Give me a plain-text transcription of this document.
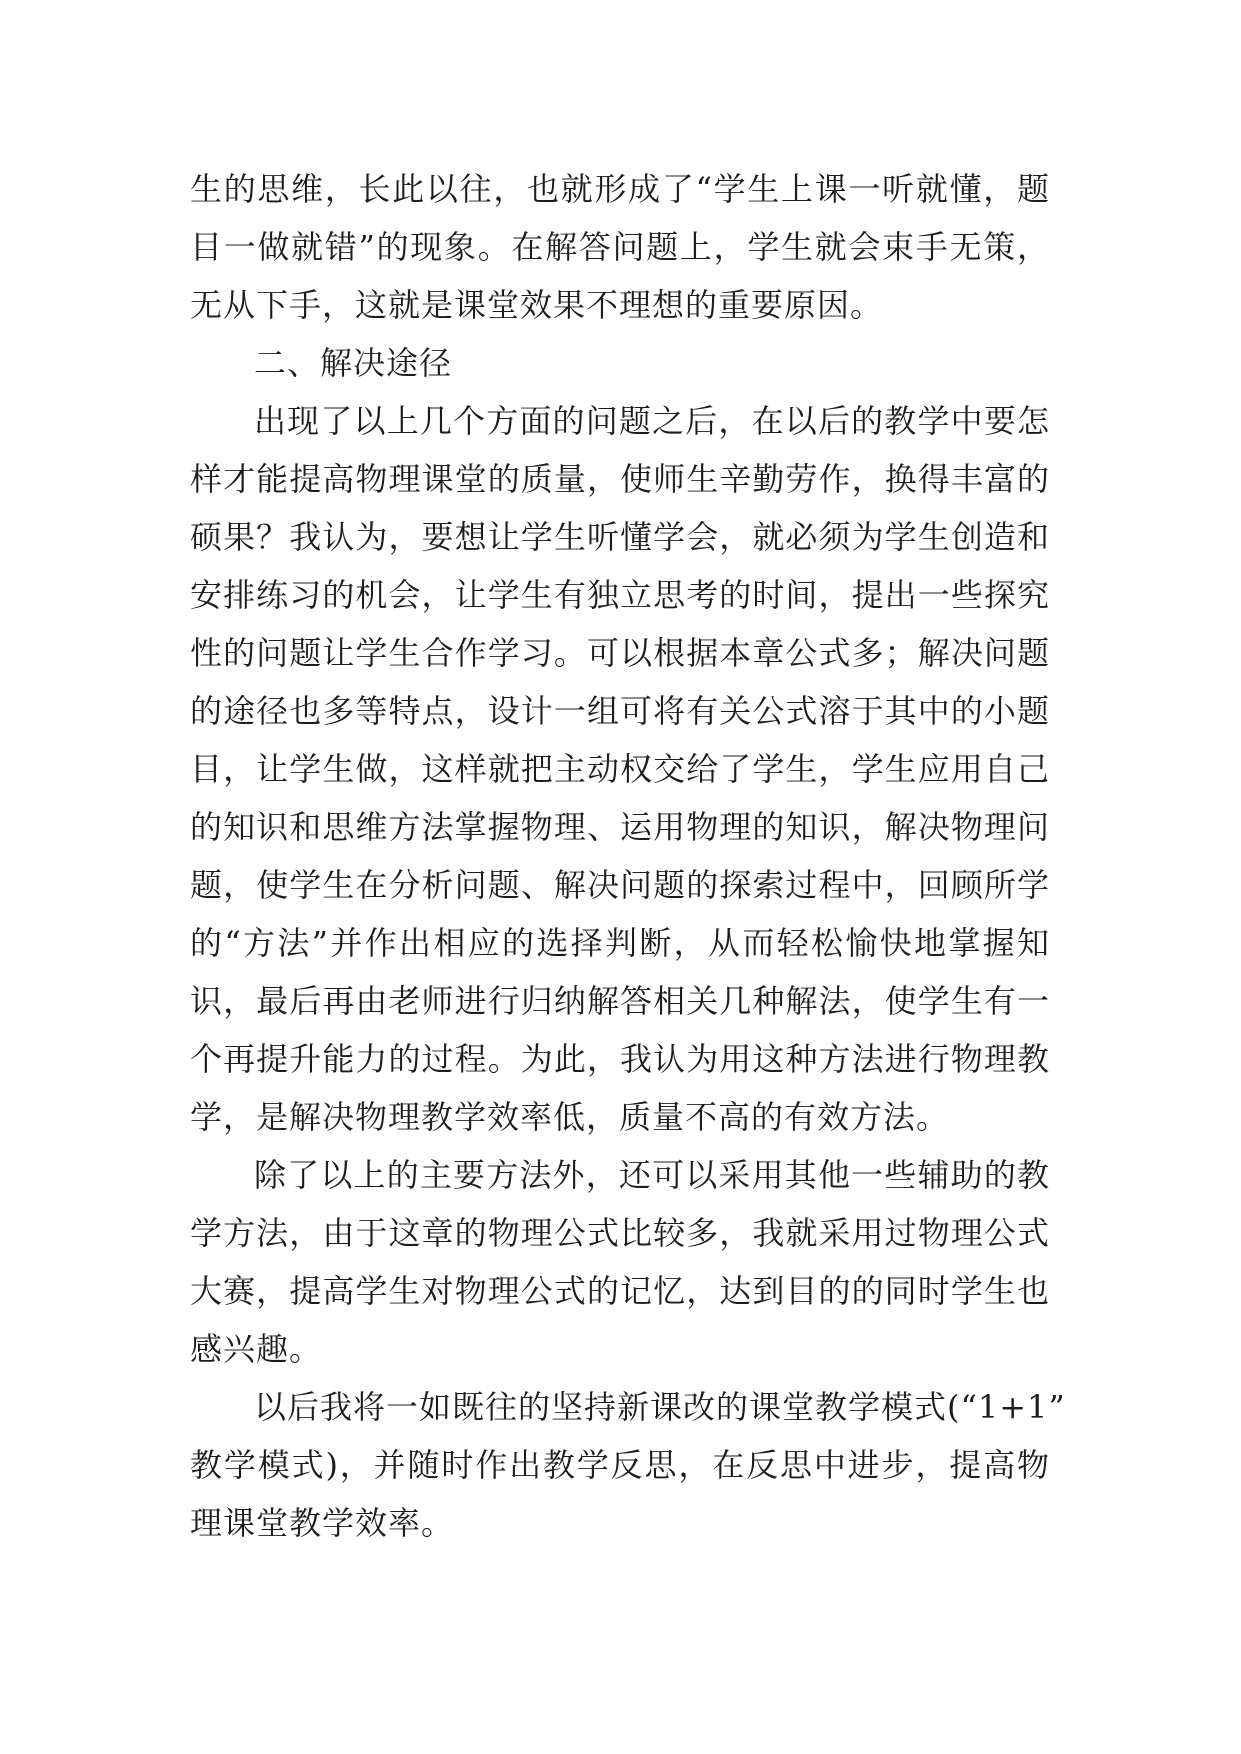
生的思维，长此以往，也就形成了“学生上课一听就懂，题
目一做就错”的现象。在解答问题上，学生就会束手无策，
无从下手，这就是课堂效果不理想的重要原因。
二、解决途径
出现了以上几个方面的问题之后，在以后的教学中要怎
样才能提高物理课堂的质量，使师生辛勤劳作，换得丰富的
硕果？我认为，要想让学生听懂学会，就必须为学生创造和
安排练习的机会，让学生有独立思考的时间，提出一些探究
性的问题让学生合作学习。可以根据本章公式多；解决问题
的途径也多等特点，设计一组可将有关公式溶于其中的小题
目，让学生做，这样就把主动权交给了学生，学生应用自己
的知识和思维方法掌握物理、运用物理的知识，解决物理问
题，使学生在分析问题、解决问题的探索过程中，回顾所学
的“方法”并作出相应的选择判断，从而轻松愉快地掌握知
识，最后再由老师进行归纳解答相关几种解法，使学生有一
个再提升能力的过程。为此，我认为用这种方法进行物理教
学，是解决物理教学效率低，质量不高的有效方法。
除了以上的主要方法外，还可以采用其他一些辅助的教
学方法，由于这章的物理公式比较多，我就采用过物理公式
大赛，提高学生对物理公式的记忆，达到目的的同时学生也
感兴趣。
以后我将一如既往的坚持新课改的课堂教学模式(“1+1”
教学模式)，并随时作出教学反思，在反思中进步，提高物
理课堂教学效率。
